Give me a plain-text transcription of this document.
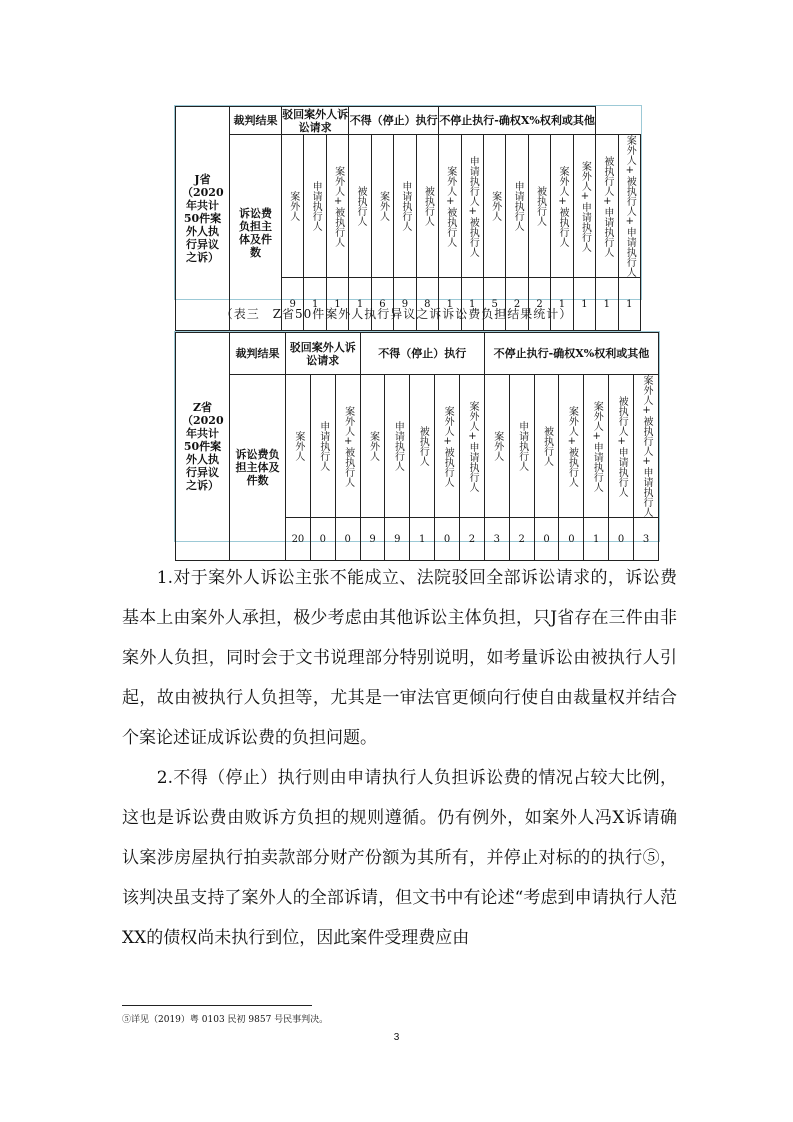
J省（2020年共计50件案外人执行异议之诉）	裁判结果	驳回案外人诉讼请求			不得（停止）执行				不停止执行-确权X%权利或其他								
	诉讼费负担主体及件数	案外人	申请执行人	案外人+被执行人	被执行人	案外人	申请执行人	被执行人	案外人+被执行人	申请执行人+被执行人	案外人	申请执行人	被执行人	案外人+被执行人	案外人+申请执行人	被执行人+申请执行人	案外人+被执行人+申请执行人

		9	1	1	1	6	9	8	1	1	5	2	2	1	1	1	1
（表三　Z省50件案外人执行异议之诉诉讼费负担结果统计）
Z省（2020年共计50件案外人执行异议之诉）	裁判结果	驳回案外人诉讼请求			不得（停止）执行					不停止执行-确权X%权利或其他						
	诉讼费负担主体及件数	案外人	申请执行人	案外人+被执行人	案外人	申请执行人	被执行人	案外人+被执行人	案外人+申请执行人	案外人	申请执行人	被执行人	案外人+被执行人	案外人+申请执行人	被执行人+申请执行人	案外人+被执行人+申请执行人

		20	0	0	9	9	1	0	2	3	2	0	0	1	0	3

　　1.对于案外人诉讼主张不能成立、法院驳回全部诉讼请求的，诉讼费基本上由案外人承担，极少考虑由其他诉讼主体负担，只J省存在三件由非案外人负担，同时会于文书说理部分特别说明，如考量诉讼由被执行人引起，故由被执行人负担等，尤其是一审法官更倾向行使自由裁量权并结合个案论述证成诉讼费的负担问题。

　　2.不得（停止）执行则由申请执行人负担诉讼费的情况占较大比例，这也是诉讼费由败诉方负担的规则遵循。仍有例外，如案外人冯X诉请确认案涉房屋执行拍卖款部分财产份额为其所有，并停止对标的的执行⑤，该判决虽支持了案外人的全部诉请，但文书中有论述“考虑到申请执行人范XX的债权尚未执行到位，因此案件受理费应由

⑤详见（2019）粤 0103 民初 9857 号民事判决。
3
